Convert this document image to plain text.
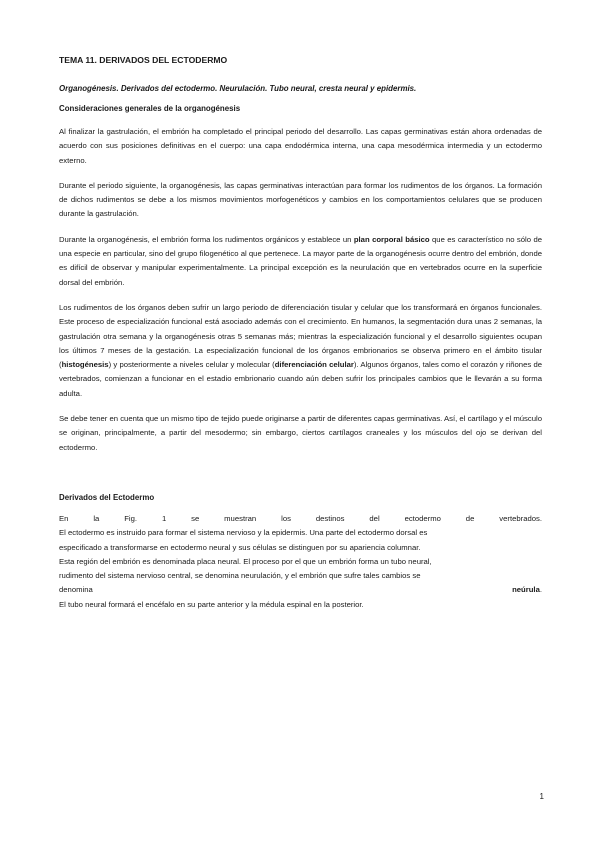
TEMA 11. DERIVADOS DEL ECTODERMO
Organogénesis. Derivados del ectodermo. Neurulación. Tubo neural, cresta neural y epidermis.
Consideraciones generales de la organogénesis

Al finalizar la gastrulación, el embrión ha completado el principal periodo del desarrollo. Las capas germinativas están ahora ordenadas de acuerdo con sus posiciones definitivas en el cuerpo: una capa endodérmica interna, una capa mesodérmica intermedia y un ectodermo externo.

Durante el periodo siguiente, la organogénesis, las capas germinativas interactúan para formar los rudimentos de los órganos. La formación de dichos rudimentos se debe a los mismos movimientos morfogenéticos y cambios en los comportamientos celulares que se producen durante la gastrulación.

Durante la organogénesis, el embrión forma los rudimentos orgánicos y establece un plan corporal básico que es característico no sólo de una especie en particular, sino del grupo filogenético al que pertenece. La mayor parte de la organogénesis ocurre dentro del embrión, donde es difícil de observar y manipular experimentalmente. La principal excepción es la neurulación que en vertebrados ocurre en la superficie dorsal del embrión.

Los rudimentos de los órganos deben sufrir un largo periodo de diferenciación tisular y celular que los transformará en órganos funcionales. Este proceso de especialización funcional está asociado además con el crecimiento. En humanos, la segmentación dura unas 2 semanas, la gastrulación otra semana y la organogénesis otras 5 semanas más; mientras la especialización funcional y el desarrollo siguientes ocupan los últimos 7 meses de la gestación. La especialización funcional de los órganos embrionarios se observa primero en el ámbito tisular (histogénesis) y posteriormente a niveles celular y molecular (diferenciación celular). Algunos órganos, tales como el corazón y riñones de vertebrados, comienzan a funcionar en el estadio embrionario cuando aún deben sufrir los principales cambios que le llevarán a su forma adulta.

Se debe tener en cuenta que un mismo tipo de tejido puede originarse a partir de diferentes capas germinativas. Así, el cartílago y el músculo se originan, principalmente, a partir del mesodermo; sin embargo, ciertos cartílagos craneales y los músculos del ojo se derivan del ectodermo.

Derivados del Ectodermo
En	la	Fig.	1	se	muestran	los	destinos	del	ectodermo	de	vertebrados.
El ectodermo es instruido para formar el sistema nervioso y la epidermis. Una parte del ectodermo dorsal es
especificado a transformarse en ectodermo neural y sus células se distinguen por su apariencia columnar.
Esta región del embrión es denominada placa neural. El proceso por el que un embrión forma un tubo neural,
rudimento del sistema nervioso central, se denomina neurulación, y el embrión que sufre tales cambios se
denomina	neúrula.
El tubo neural formará el encéfalo en su parte anterior y la médula espinal en la posterior.
1
